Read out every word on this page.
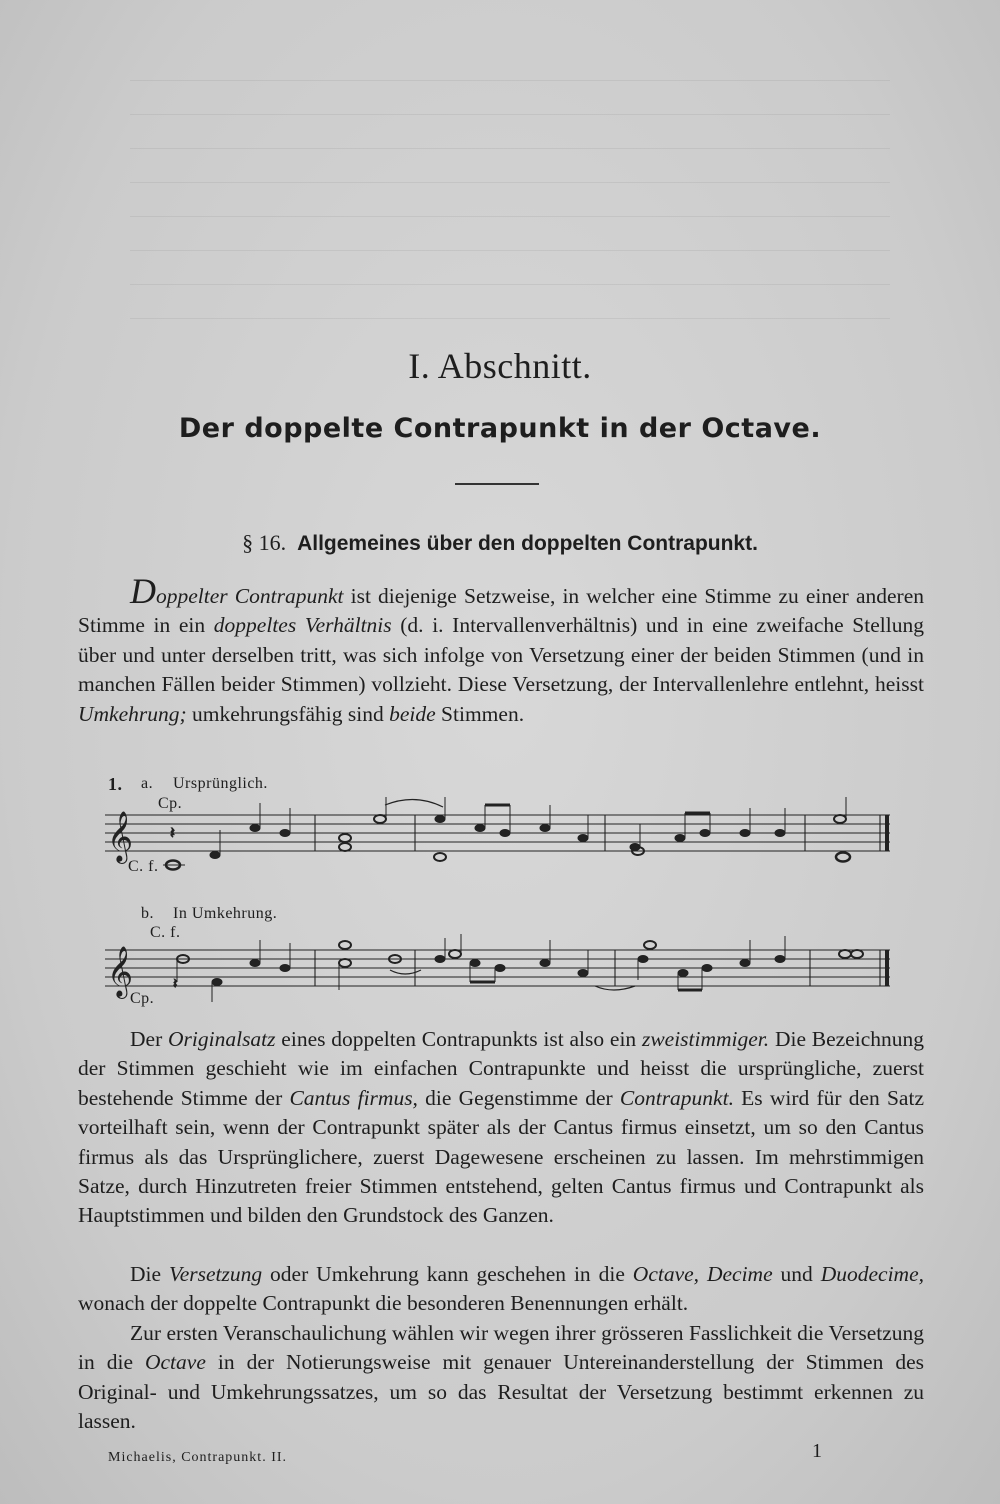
I. Abschnitt.
Der doppelte Contrapunkt in der Octave.
§ 16. Allgemeines über den doppelten Contrapunkt.

Doppelter Contrapunkt ist diejenige Setzweise, in welcher eine Stimme zu einer anderen Stimme in ein doppeltes Verhältnis (d. i. Intervallenverhältnis) und in eine zweifache Stellung über und unter derselben tritt, was sich infolge von Versetzung einer der beiden Stimmen (und in manchen Fällen beider Stimmen) vollzieht. Diese Versetzung, der Intervallenlehre entlehnt, heisst Umkehrung; umkehrungsfähig sind beide Stimmen.

1. a. Ursprünglich.
Cp.
C. f.
𝄞 𝄽
b. In Umkehrung.
C. f.
Cp.
𝄞	𝄽

Der Originalsatz eines doppelten Contrapunkts ist also ein zweistimmiger. Die Bezeichnung der Stimmen geschieht wie im einfachen Contrapunkte und heisst die ursprüngliche, zuerst bestehende Stimme der Cantus firmus, die Gegenstimme der Contrapunkt. Es wird für den Satz vorteilhaft sein, wenn der Contrapunkt später als der Cantus firmus einsetzt, um so den Cantus firmus als das Ursprünglichere, zuerst Dagewesene erscheinen zu lassen. Im mehrstimmigen Satze, durch Hinzutreten freier Stimmen entstehend, gelten Cantus firmus und Contrapunkt als Hauptstimmen und bilden den Grundstock des Ganzen.

Die Versetzung oder Umkehrung kann geschehen in die Octave, Decime und Duodecime, wonach der doppelte Contrapunkt die besonderen Benennungen erhält.

Zur ersten Veranschaulichung wählen wir wegen ihrer grösseren Fasslichkeit die Versetzung in die Octave in der Notierungsweise mit genauer Untereinanderstellung der Stimmen des Original- und Umkehrungssatzes, um so das Resultat der Versetzung bestimmt erkennen zu lassen.

Michaelis, Contrapunkt. II.	1
